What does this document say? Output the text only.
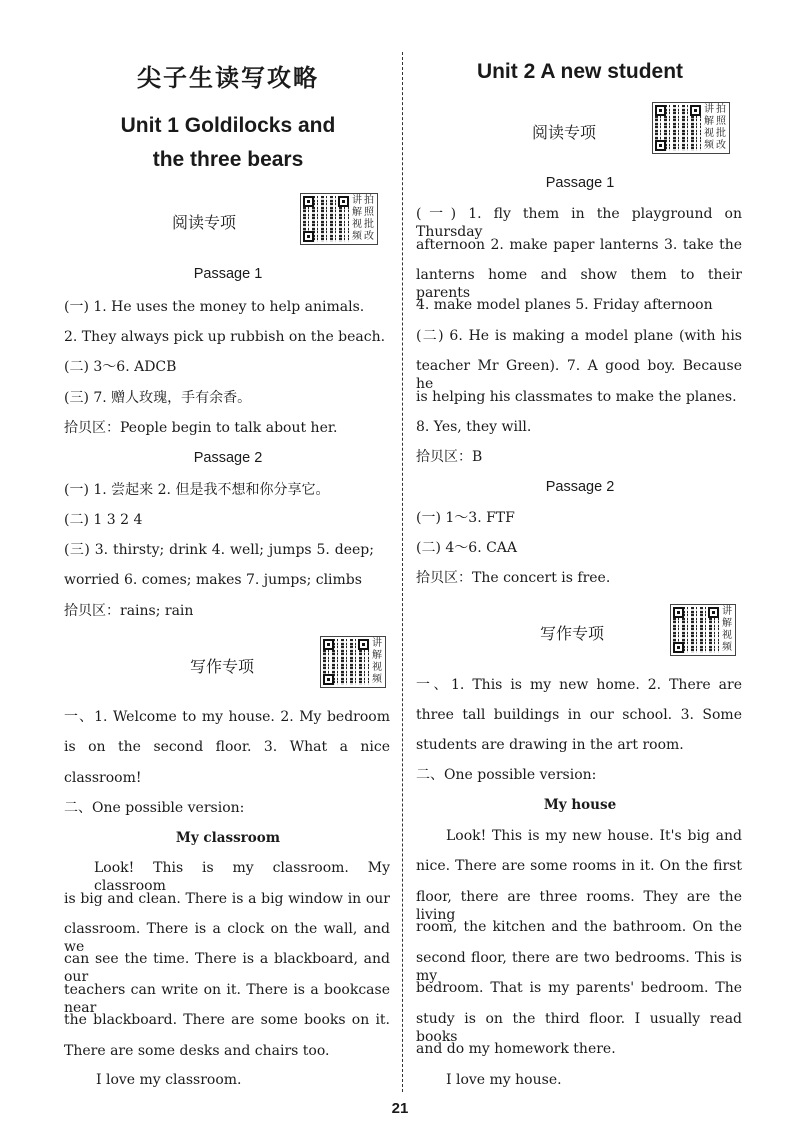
尖子生读写攻略
Unit 1 Goldilocks and
the three bears
阅读专项
讲 拍
解 照
视 批
频 改
Passage 1
(一) 1. He uses the money to help animals.
2. They always pick up rubbish on the beach.
(二) 3～6. ADCB
(三) 7. 赠人玫瑰，手有余香。
拾贝区：People begin to talk about her.
Passage 2
(一) 1. 尝起来 2. 但是我不想和你分享它。
(二) 1 3 2 4
(三) 3. thirsty; drink 4. well; jumps 5. deep;
worried 6. comes; makes 7. jumps; climbs
拾贝区：rains; rain
写作专项
讲
解
视
频
一、1. Welcome to my house. 2. My bedroom
is on the second floor. 3. What a nice
classroom!
二、One possible version:
My classroom
Look! This is my classroom. My classroom
is big and clean. There is a big window in our
classroom. There is a clock on the wall, and we
can see the time. There is a blackboard, and our
teachers can write on it. There is a bookcase near
the blackboard. There are some books on it.
There are some desks and chairs too.
I love my classroom.
Unit 2 A new student
阅读专项
讲 拍
解 照
视 批
频 改
Passage 1
(一) 1. fly them in the playground on Thursday
afternoon 2. make paper lanterns 3. take the
lanterns home and show them to their parents
4. make model planes 5. Friday afternoon
(二) 6. He is making a model plane (with his
teacher Mr Green). 7. A good boy. Because he
is helping his classmates to make the planes.
8. Yes, they will.
拾贝区：B
Passage 2
(一) 1～3. FTF
(二) 4～6. CAA
拾贝区：The concert is free.
写作专项
讲
解
视
频
一、1. This is my new home. 2. There are
three tall buildings in our school. 3. Some
students are drawing in the art room.
二、One possible version:
My house
Look! This is my new house. It's big and
nice. There are some rooms in it. On the first
floor, there are three rooms. They are the living
room, the kitchen and the bathroom. On the
second floor, there are two bedrooms. This is my
bedroom. That is my parents' bedroom. The
study is on the third floor. I usually read books
and do my homework there.
I love my house.
21
